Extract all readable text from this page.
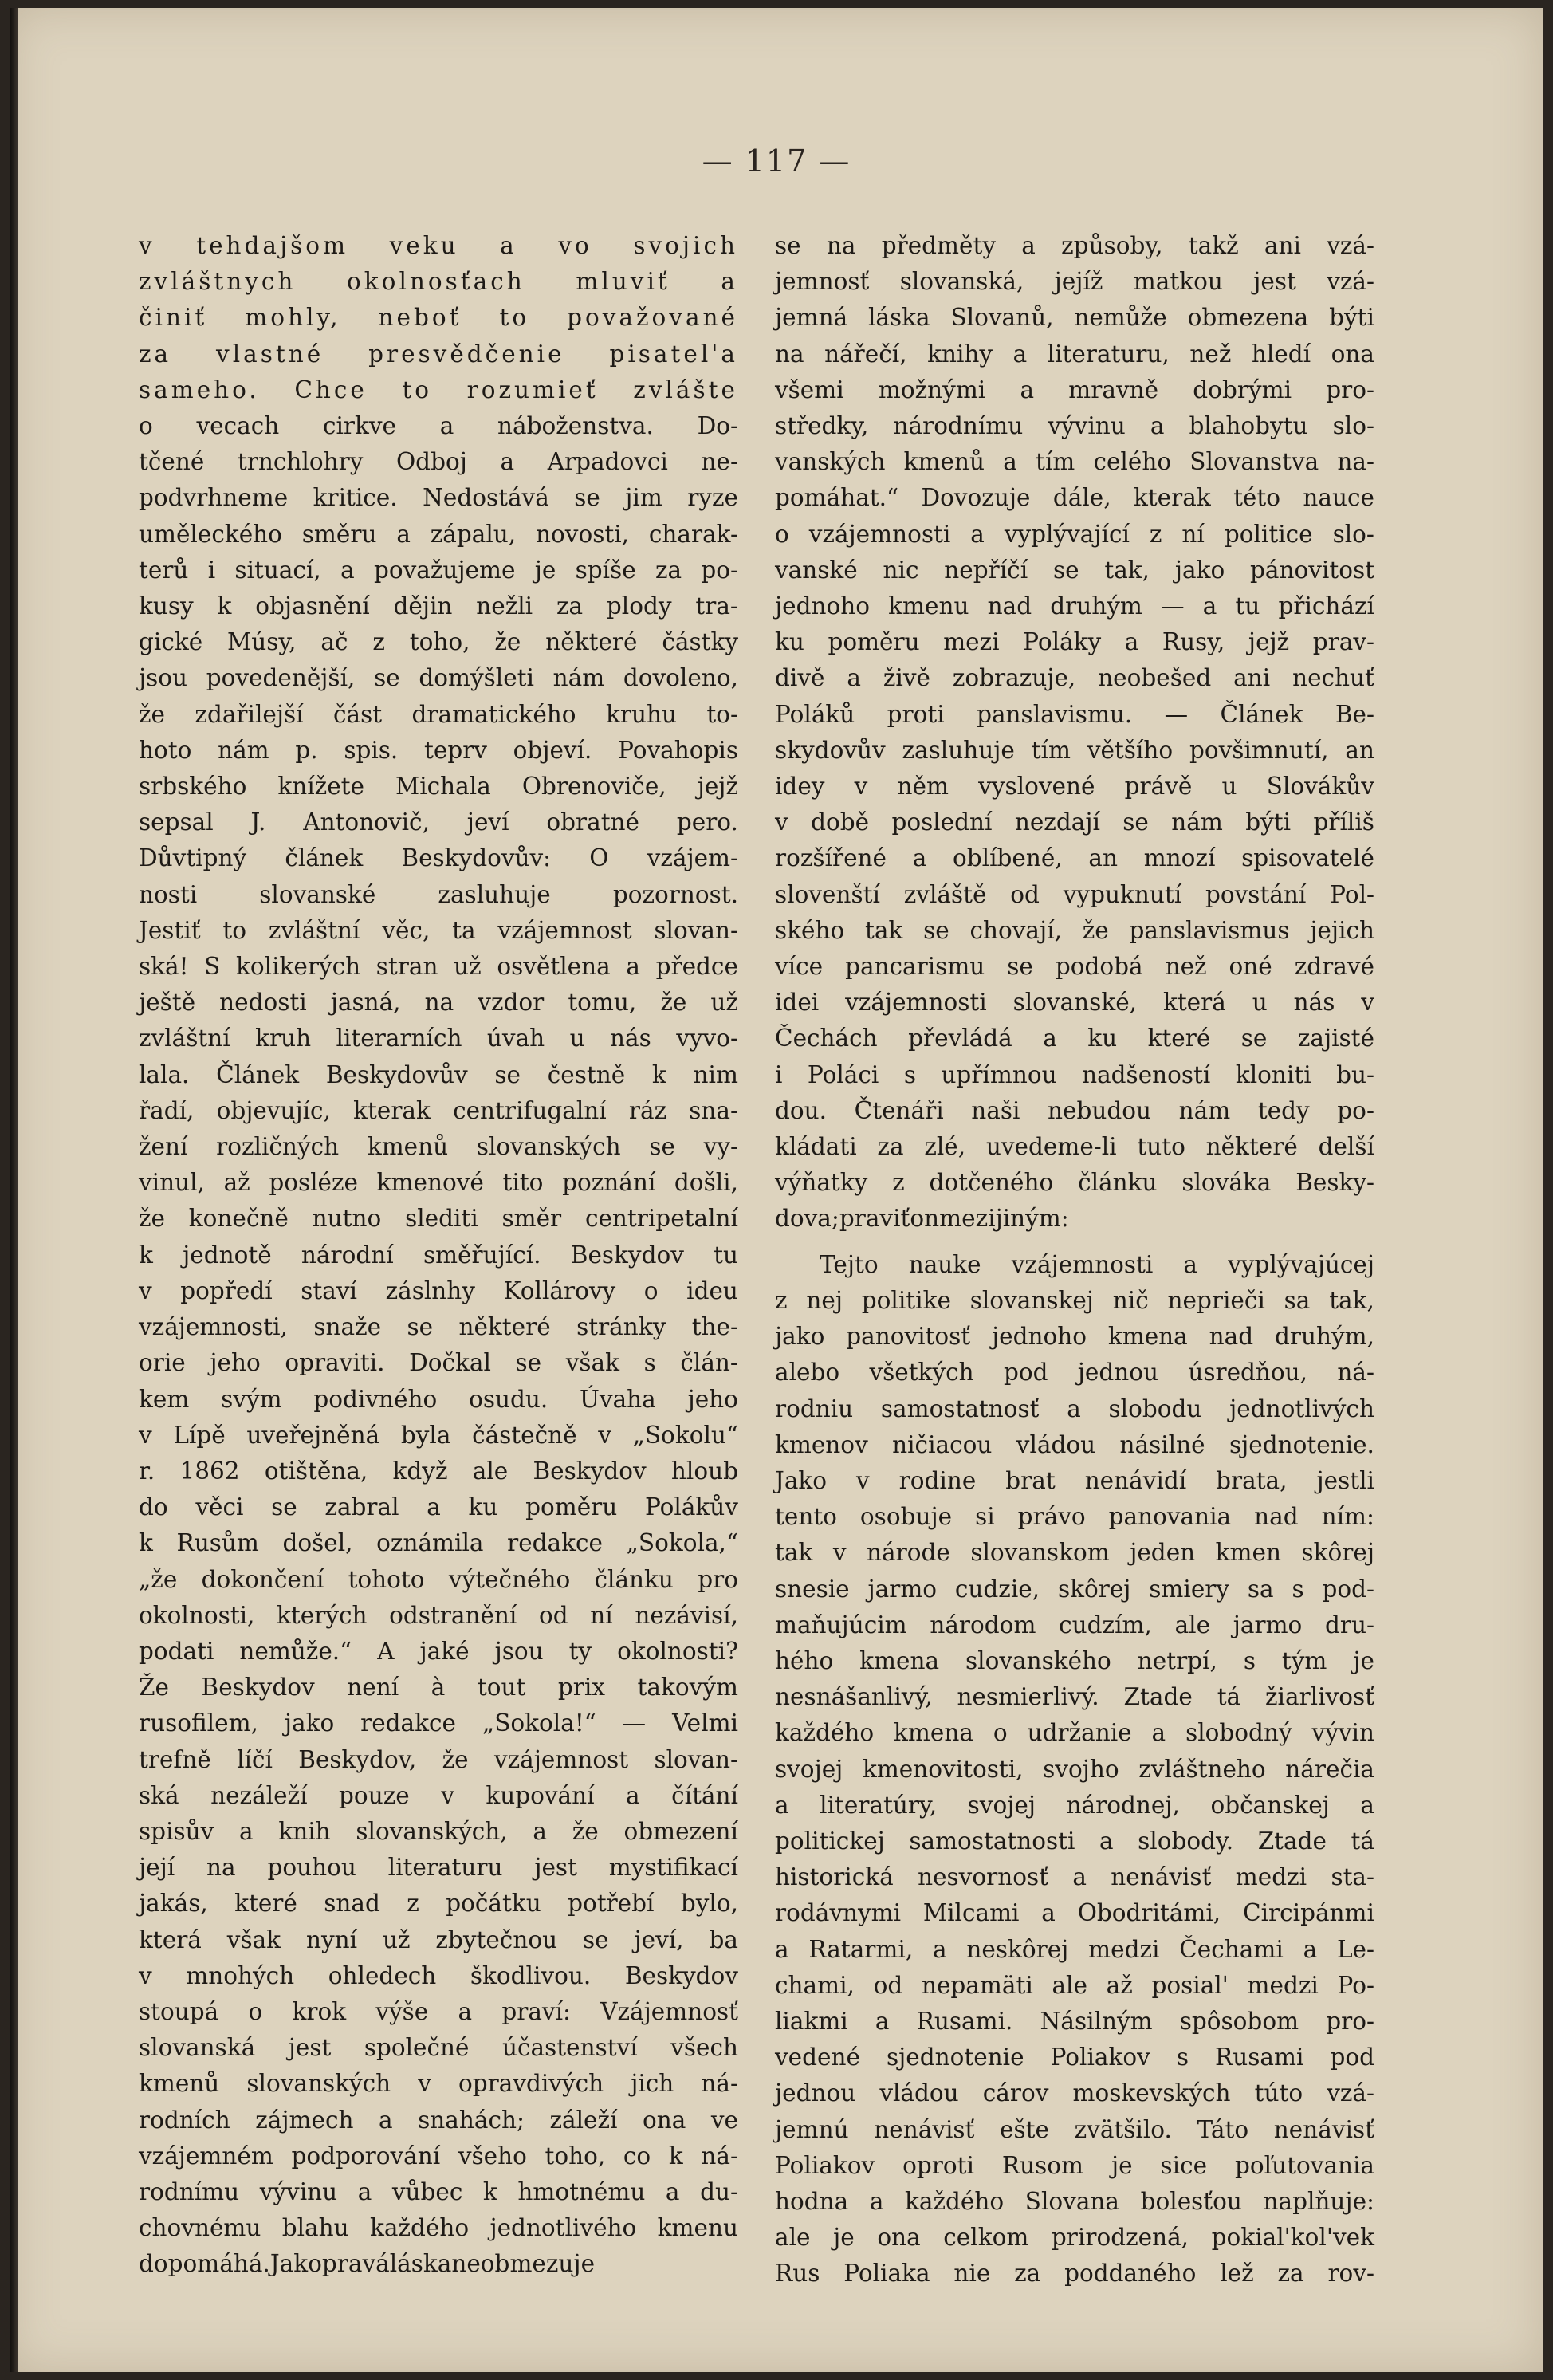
— 117 —
v tehdajšom veku a vo svojich
zvláštnych okolnosťach mluviť a
činiť mohly, neboť to považované
za vlastné presvědčenie pisatel'a
sameho. Chce to rozumieť zvlášte
o vecach cirkve a náboženstva. Do-
tčené trnchlohry Odboj a Arpadovci ne-
podvrhneme kritice. Nedostává se jim ryze
uměleckého směru a zápalu, novosti, charak-
terů i situací, a považujeme je spíše za po-
kusy k objasnění dějin nežli za plody tra-
gické Músy, ač z toho, že některé částky
jsou povedenější, se domýšleti nám dovoleno,
že zdařilejší část dramatického kruhu to-
hoto nám p. spis. teprv objeví. Povahopis
srbského knížete Michala Obrenoviče, jejž
sepsal J. Antonovič, jeví obratné pero.
Důvtipný článek Beskydovův: O vzájem-
nosti	slovanské	zasluhuje	pozornost.
Jestiť to zvláštní věc, ta vzájemnost slovan-
ská! S kolikerých stran už osvětlena a předce
ještě nedosti jasná, na vzdor tomu, že už
zvláštní kruh literarních úvah u nás vyvo-
lala. Článek Beskydovův se čestně k nim
řadí, objevujíc, kterak centrifugalní ráz sna-
žení rozličných kmenů slovanských se vy-
vinul, až posléze kmenové tito poznání došli,
že konečně nutno slediti směr centripetalní
k jednotě národní směřující. Beskydov tu
v popředí staví záslnhy Kollárovy o ideu
vzájemnosti, snaže se některé stránky the-
orie jeho opraviti. Dočkal se však s člán-
kem svým podivného osudu. Úvaha jeho
v Lípě uveřejněná byla částečně v „Sokolu“
r. 1862 otištěna, když ale Beskydov hloub
do věci se zabral a ku poměru Polákův
k Rusům došel, oznámila redakce „Sokola,“
„že dokončení tohoto výtečného článku pro
okolnosti, kterých odstranění od ní nezávisí,
podati nemůže.“ A jaké jsou ty okolnosti?
Že Beskydov není à tout prix takovým
rusofilem, jako redakce „Sokola!“ — Velmi
trefně líčí Beskydov, že vzájemnost slovan-
ská nezáleží pouze v kupování a čítání
spisův a knih slovanských, a že obmezení
její na pouhou literaturu jest mystifikací
jakás, které snad z počátku potřebí bylo,
která však nyní už zbytečnou se jeví, ba
v mnohých ohledech škodlivou. Beskydov
stoupá o krok výše a praví: Vzájemnosť
slovanská jest společné účastenství všech
kmenů slovanských v opravdivých jich ná-
rodních zájmech a snahách; záleží ona ve
vzájemném podporování všeho toho, co k ná-
rodnímu vývinu a vůbec k hmotnému a du-
chovnému blahu každého jednotlivého kmenu
dopomáhá. Jako pravá láska neobmezuje
se na předměty a způsoby, takž ani vzá-
jemnosť slovanská, jejíž matkou jest vzá-
jemná láska Slovanů, nemůže obmezena býti
na nářečí, knihy a literaturu, než hledí ona
všemi možnými a mravně dobrými pro-
středky, národnímu vývinu a blahobytu slo-
vanských kmenů a tím celého Slovanstva na-
pomáhat.“ Dovozuje dále, kterak této nauce
o vzájemnosti a vyplývající z ní politice slo-
vanské nic nepříčí se tak, jako pánovitost
jednoho kmenu nad druhým — a tu přichází
ku poměru mezi Poláky a Rusy, jejž prav-
divě a živě zobrazuje, neobešed ani nechuť
Poláků proti panslavismu. — Článek Be-
skydovův zasluhuje tím většího povšimnutí, an
idey v něm vyslovené právě u Slovákův
v době poslední nezdají se nám býti příliš
rozšířené a oblíbené, an mnozí spisovatelé
slovenští zvláště od vypuknutí povstání Pol-
ského tak se chovají, že panslavismus jejich
více pancarismu se podobá než oné zdravé
idei vzájemnosti slovanské, která u nás v
Čechách převládá a ku které se zajisté
i Poláci s upřímnou nadšeností kloniti bu-
dou. Čtenáři naši nebudou nám tedy po-
kládati za zlé, uvedeme-li tuto některé delší
výňatky z dotčeného článku slováka Besky-
dova; praviť on mezi jiným:
Tejto nauke vzájemnosti a vyplývajúcej
z nej politike slovanskej nič neprieči sa tak,
jako panovitosť jednoho kmena nad druhým,
alebo všetkých pod jednou úsredňou, ná-
rodniu samostatnosť a slobodu jednotlivých
kmenov ničiacou vládou násilné sjednotenie.
Jako v rodine brat nenávidí brata, jestli
tento osobuje si právo panovania nad ním:
tak v národe slovanskom jeden kmen skôrej
snesie jarmo cudzie, skôrej smiery sa s pod-
maňujúcim národom cudzím, ale jarmo dru-
hého kmena slovanského netrpí, s tým je
nesnášanlivý, nesmierlivý. Ztade tá žiarlivosť
každého kmena o udržanie a slobodný vývin
svojej kmenovitosti, svojho zvláštneho nárečia
a literatúry, svojej národnej, občanskej a
politickej samostatnosti a slobody. Ztade tá
historická nesvornosť a nenávisť medzi sta-
rodávnymi Milcami a Obodritámi, Circipánmi
a Ratarmi, a neskôrej medzi Čechami a Le-
chami, od nepamäti ale až posial' medzi Po-
liakmi a Rusami. Násilným spôsobom pro-
vedené sjednotenie Poliakov s Rusami pod
jednou vládou cárov moskevských túto vzá-
jemnú nenávisť ešte zvätšilo. Táto nenávisť
Poliakov oproti Rusom je sice poľutovania
hodna a každého Slovana bolesťou naplňuje:
ale je ona celkom prirodzená, pokial'kol'vek
Rus Poliaka nie za poddaného lež za rov-
